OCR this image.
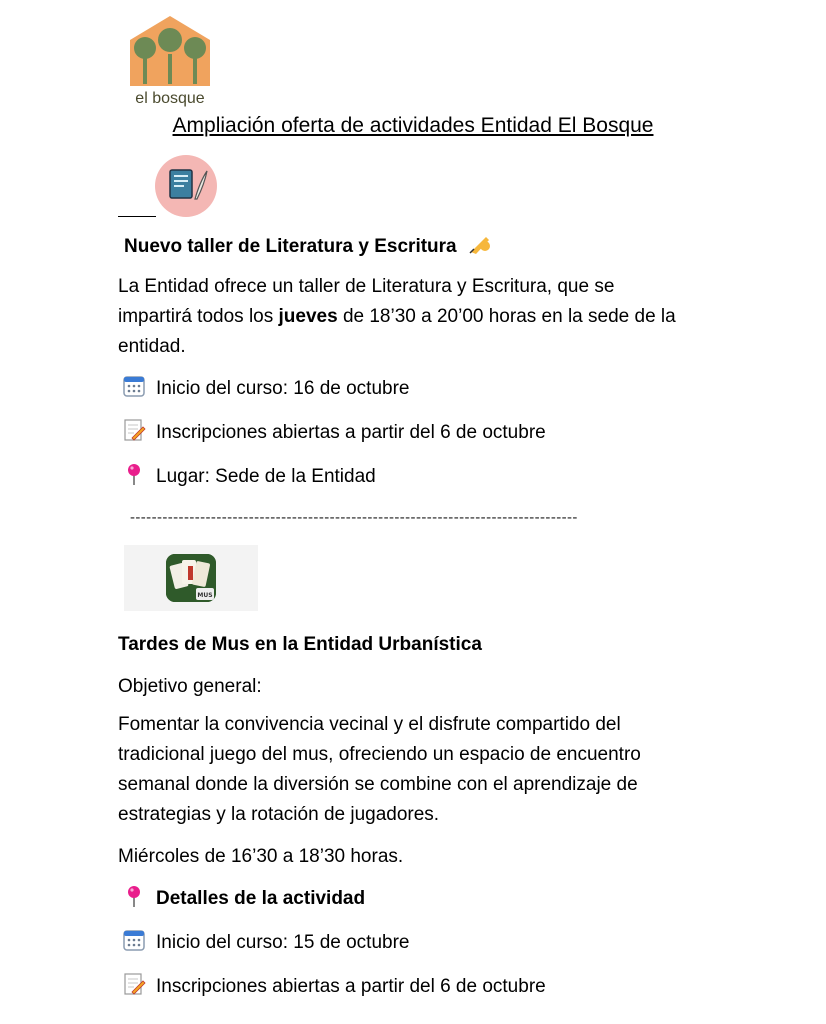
el bosque
Ampliación oferta de actividades Entidad El Bosque
Nuevo taller de Literatura y Escritura
La Entidad ofrece un taller de Literatura y Escritura, que se
impartirá todos los jueves de 18’30 a 20’00 horas en la sede de la
entidad.
Inicio del curso: 16 de octubre
Inscripciones abiertas a partir del 6 de octubre
Lugar: Sede de la Entidad
-----------------------------------------------------------------------------------
MUS
Tardes de Mus en la Entidad Urbanística
Objetivo general:
Fomentar la convivencia vecinal y el disfrute compartido del
tradicional juego del mus, ofreciendo un espacio de encuentro
semanal donde la diversión se combine con el aprendizaje de
estrategias y la rotación de jugadores.
Miércoles de 16’30 a 18’30 horas.
Detalles de la actividad
Inicio del curso: 15 de octubre
Inscripciones abiertas a partir del 6 de octubre
